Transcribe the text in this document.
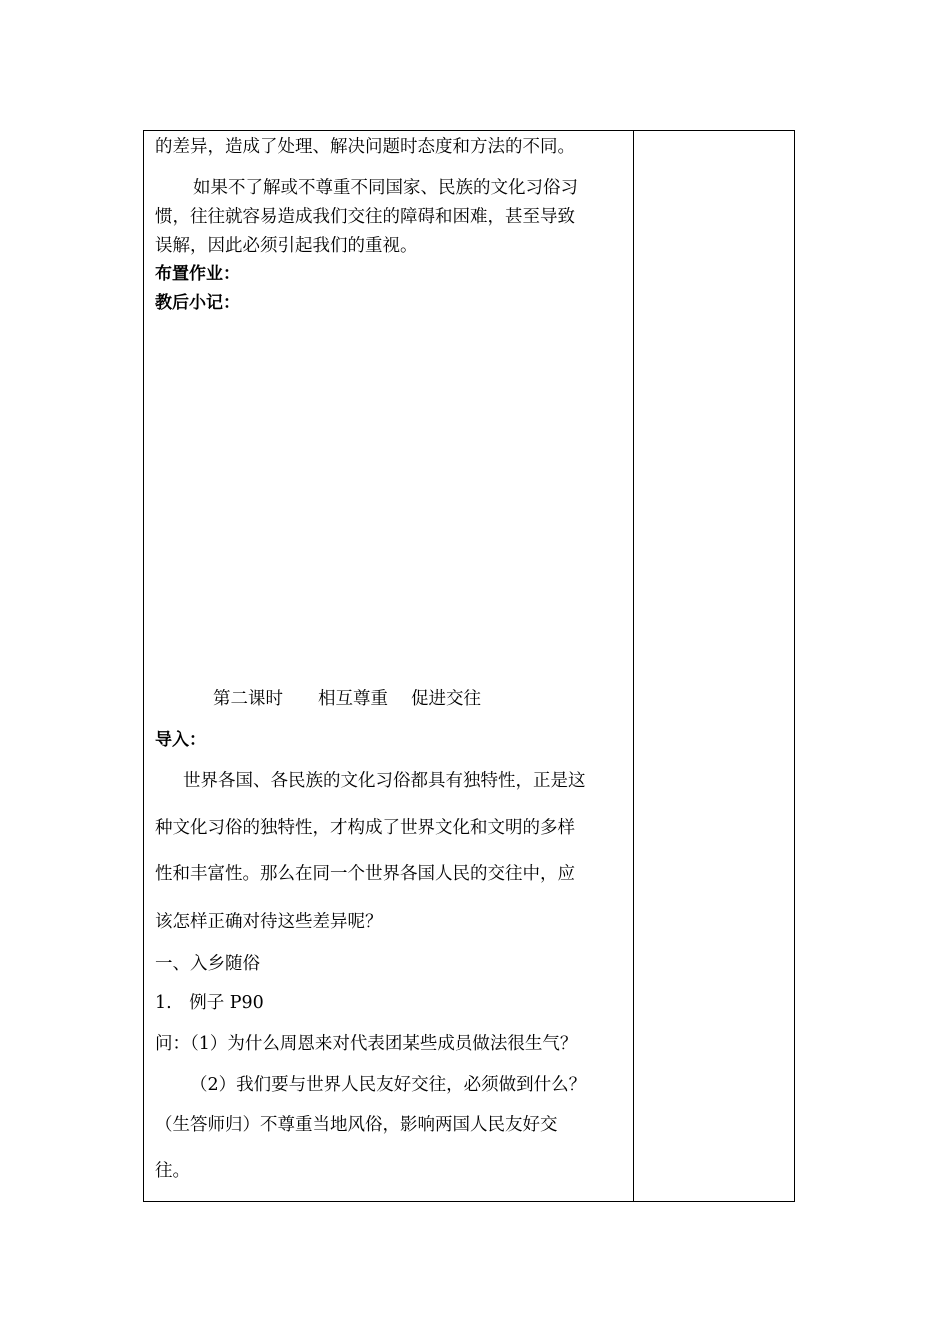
的差异，造成了处理、解决问题时态度和方法的不同。
如果不了解或不尊重不同国家、民族的文化习俗习
惯，往往就容易造成我们交往的障碍和困难，甚至导致
误解，因此必须引起我们的重视。
布置作业：
教后小记：
第二课时　　相互尊重　 促进交往
导入：
世界各国、各民族的文化习俗都具有独特性，正是这
种文化习俗的独特性，才构成了世界文化和文明的多样
性和丰富性。那么在同一个世界各国人民的交往中，应
该怎样正确对待这些差异呢？
一、入乡随俗
1.　例子 P90
问：（1）为什么周恩来对代表团某些成员做法很生气？
（2）我们要与世界人民友好交往，必须做到什么？
（生答师归）不尊重当地风俗，影响两国人民友好交
往。
